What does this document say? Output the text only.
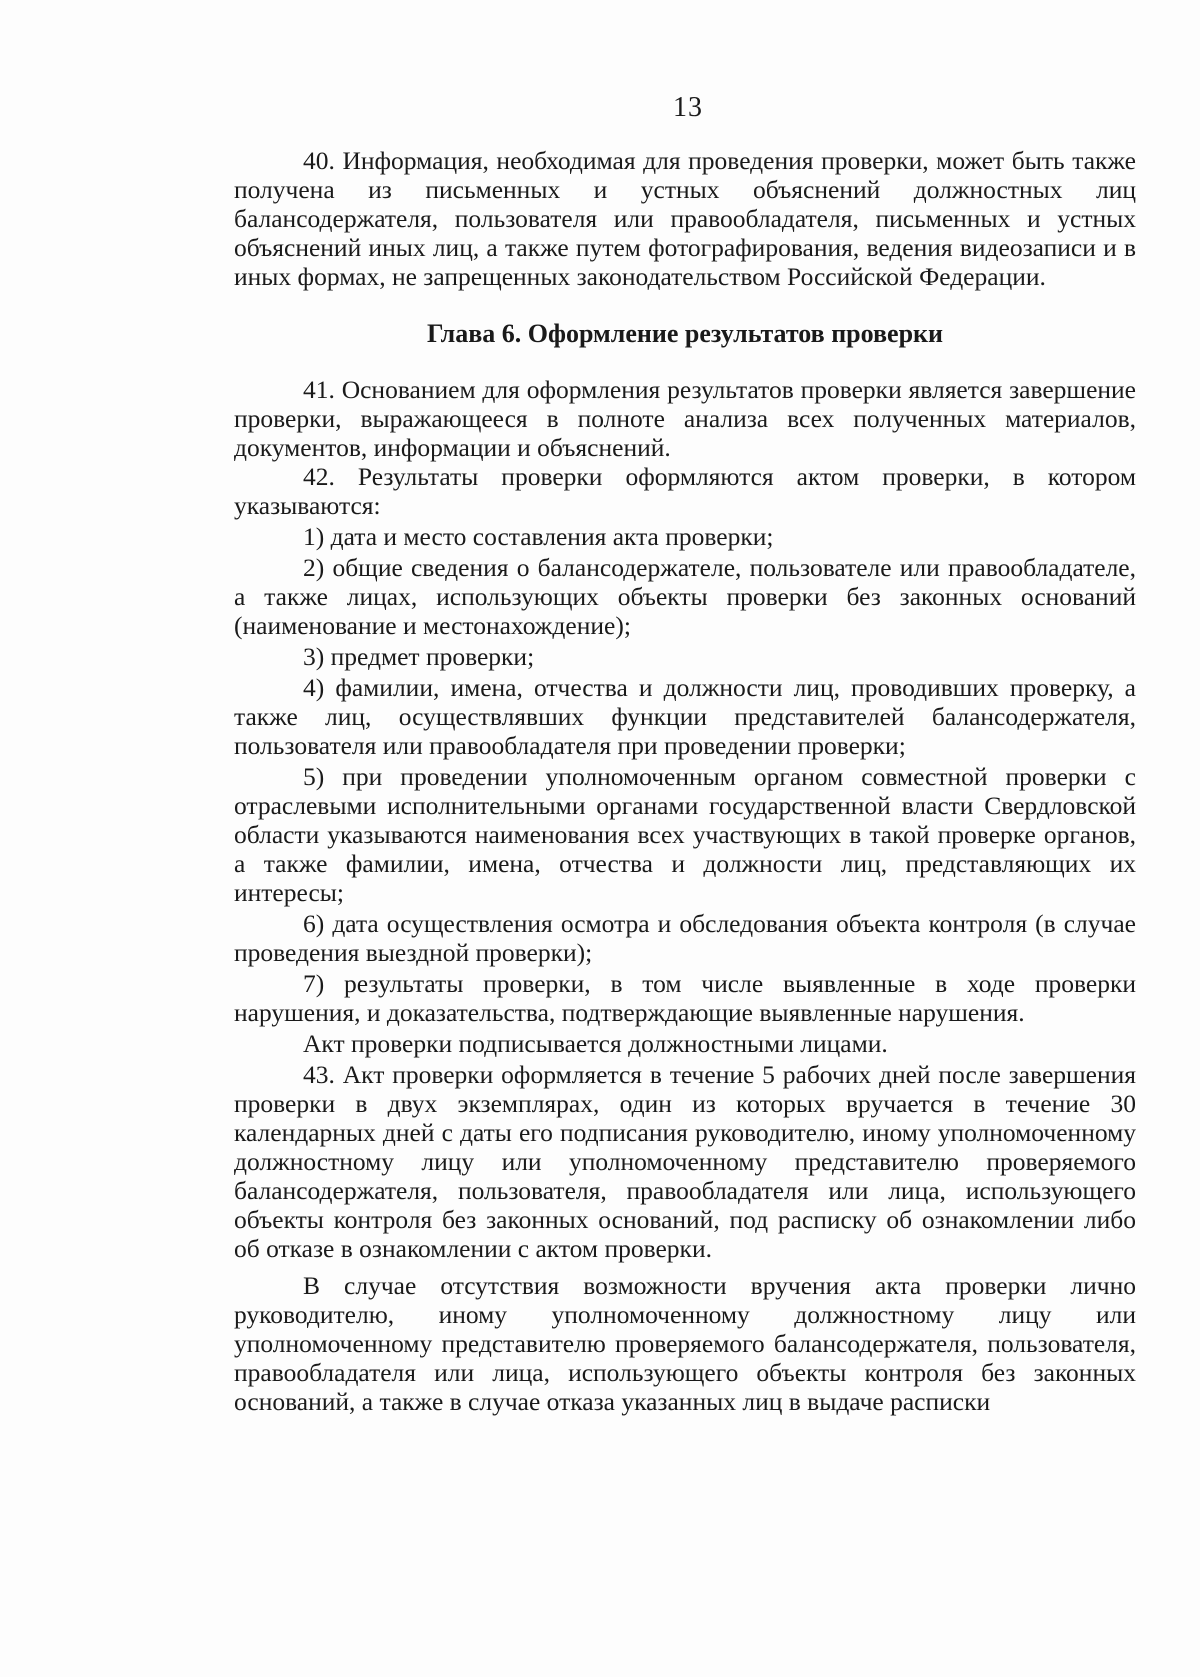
13

40. Информация, необходимая для проведения проверки, может быть также получена из письменных и устных объяснений должностных лиц балансодержателя, пользователя или правообладателя, письменных и устных объяснений иных лиц, а также путем фотографирования, ведения видеозаписи и в иных формах, не запрещенных законодательством Российской Федерации.

Глава 6. Оформление результатов проверки

41. Основанием для оформления результатов проверки является завершение проверки, выражающееся в полноте анализа всех полученных материалов, документов, информации и объяснений.

42. Результаты проверки оформляются актом проверки, в котором указываются:

1) дата и место составления акта проверки;

2) общие сведения о балансодержателе, пользователе или правообладателе, а также лицах, использующих объекты проверки без законных оснований (наименование и местонахождение);

3) предмет проверки;

4) фамилии, имена, отчества и должности лиц, проводивших проверку, а также лиц, осуществлявших функции представителей балансодержателя, пользователя или правообладателя при проведении проверки;

5) при проведении уполномоченным органом совместной проверки с отраслевыми исполнительными органами государственной власти Свердловской области указываются наименования всех участвующих в такой проверке органов, а также фамилии, имена, отчества и должности лиц, представляющих их интересы;

6) дата осуществления осмотра и обследования объекта контроля (в случае проведения выездной проверки);

7) результаты проверки, в том числе выявленные в ходе проверки нарушения, и доказательства, подтверждающие выявленные нарушения.

Акт проверки подписывается должностными лицами.

43. Акт проверки оформляется в течение 5 рабочих дней после завершения проверки в двух экземплярах, один из которых вручается в течение 30 календарных дней с даты его подписания руководителю, иному уполномоченному должностному лицу или уполномоченному представителю проверяемого балансодержателя, пользователя, правообладателя или лица, использующего объекты контроля без законных оснований, под расписку об ознакомлении либо об отказе в ознакомлении с актом проверки.

В случае отсутствия возможности вручения акта проверки лично руководителю, иному уполномоченному должностному лицу или уполномоченному представителю проверяемого балансодержателя, пользователя, правообладателя или лица, использующего объекты контроля без законных оснований, а также в случае отказа указанных лиц в выдаче расписки
